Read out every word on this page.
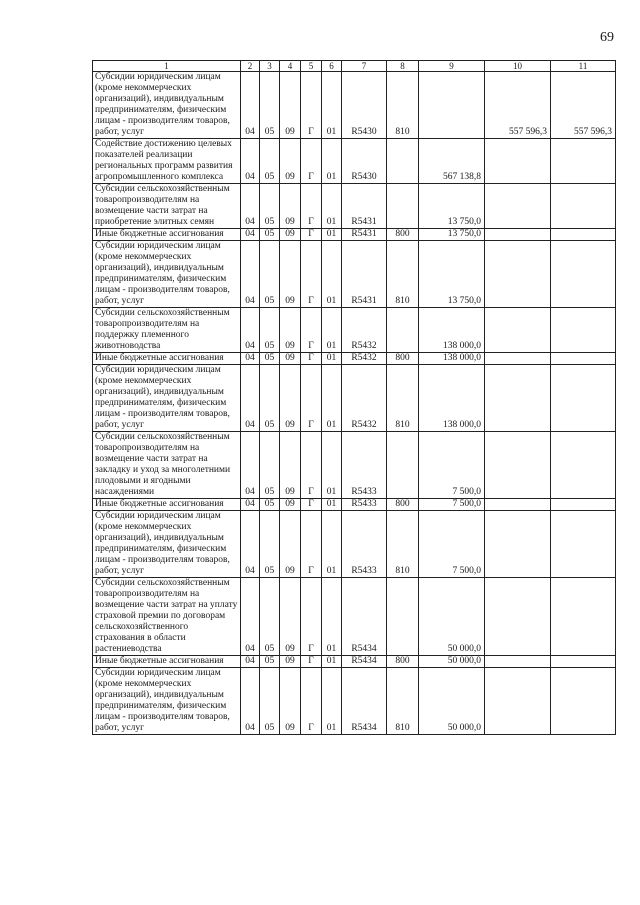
69
1	2	3	4	5	6	7	8	9	10	11
Субсидии юридическим лицам (кроме некоммерческих организаций), индивидуальным предпринимателям, физическим лицам - производителям товаров, работ, услуг	04	05	09	Г	01	R5430	810		557 596,3	557 596,3
Содействие достижению целевых показателей реализации региональных программ развития агропромышленного комплекса	04	05	09	Г	01	R5430		567 138,8		
Субсидии сельскохозяйственным товаропроизводителям на возмещение части затрат на приобретение элитных семян	04	05	09	Г	01	R5431		13 750,0		
Иные бюджетные ассигнования	04	05	09	Г	01	R5431	800	13 750,0		
Субсидии юридическим лицам (кроме некоммерческих организаций), индивидуальным предпринимателям, физическим лицам - производителям товаров, работ, услуг	04	05	09	Г	01	R5431	810	13 750,0		
Субсидии сельскохозяйственным товаропроизводителям на поддержку племенного животноводства	04	05	09	Г	01	R5432		138 000,0		
Иные бюджетные ассигнования	04	05	09	Г	01	R5432	800	138 000,0		
Субсидии юридическим лицам (кроме некоммерческих организаций), индивидуальным предпринимателям, физическим лицам - производителям товаров, работ, услуг	04	05	09	Г	01	R5432	810	138 000,0		
Субсидии сельскохозяйственным товаропроизводителям на возмещение части затрат на закладку и уход за многолетними плодовыми и ягодными насаждениями	04	05	09	Г	01	R5433		7 500,0		
Иные бюджетные ассигнования	04	05	09	Г	01	R5433	800	7 500,0		
Субсидии юридическим лицам (кроме некоммерческих организаций), индивидуальным предпринимателям, физическим лицам - производителям товаров, работ, услуг	04	05	09	Г	01	R5433	810	7 500,0		
Субсидии сельскохозяйственным товаропроизводителям на возмещение части затрат на уплату страховой премии по договорам сельскохозяйственного страхования в области растениеводства	04	05	09	Г	01	R5434		50 000,0		
Иные бюджетные ассигнования	04	05	09	Г	01	R5434	800	50 000,0		
Субсидии юридическим лицам (кроме некоммерческих организаций), индивидуальным предпринимателям, физическим лицам - производителям товаров, работ, услуг	04	05	09	Г	01	R5434	810	50 000,0		
